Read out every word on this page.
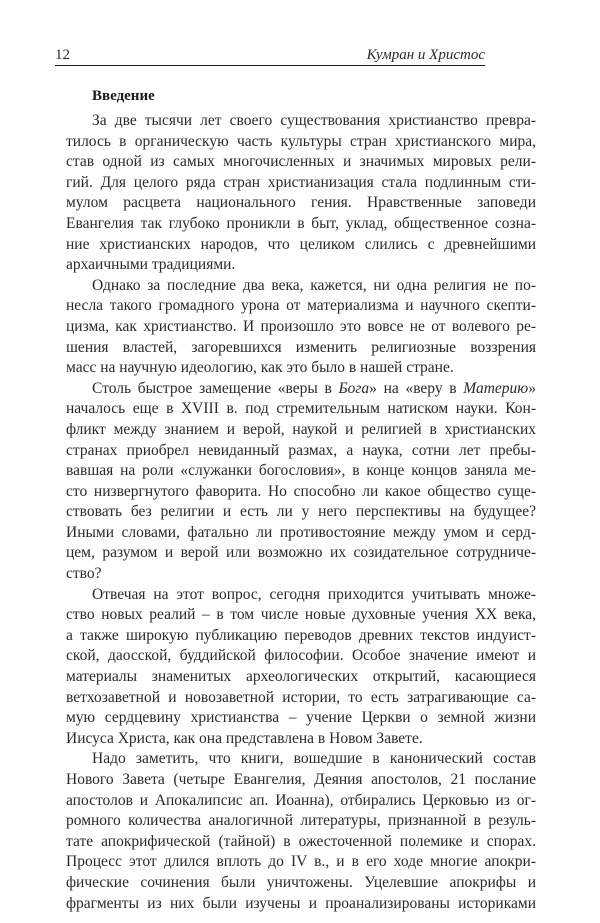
12	Кумран и Христос
Введение

За две тысячи лет своего существования христианство превра-
тилось в органическую часть культуры стран христианского мира,
став одной из самых многочисленных и значимых мировых рели-
гий. Для целого ряда стран христианизация стала подлинным сти-
мулом расцвета национального гения. Нравственные заповеди
Евангелия так глубоко проникли в быт, уклад, общественное созна-
ние христианских народов, что целиком слились с древнейшими
архаичными традициями.

Однако за последние два века, кажется, ни одна религия не по-
несла такого громадного урона от материализма и научного скепти-
цизма, как христианство. И произошло это вовсе не от волевого ре-
шения властей, загоревшихся изменить религиозные воззрения
масс на научную идеологию, как это было в нашей стране.

Столь быстрое замещение «веры в Бога» на «веру в Материю»
началось еще в XVIII в. под стремительным натиском науки. Кон-
фликт между знанием и верой, наукой и религией в христианских
странах приобрел невиданный размах, а наука, сотни лет пребы-
вавшая на роли «служанки богословия», в конце концов заняла ме-
сто низвергнутого фаворита. Но способно ли какое общество суще-
ствовать без религии и есть ли у него перспективы на будущее?
Иными словами, фатально ли противостояние между умом и серд-
цем, разумом и верой или возможно их созидательное сотрудниче-
ство?

Отвечая на этот вопрос, сегодня приходится учитывать множе-
ство новых реалий – в том числе новые духовные учения XX века,
а также широкую публикацию переводов древних текстов индуист-
ской, даосской, буддийской философии. Особое значение имеют и
материалы знаменитых археологических открытий, касающиеся
ветхозаветной и новозаветной истории, то есть затрагивающие са-
мую сердцевину христианства – учение Церкви о земной жизни
Иисуса Христа, как она представлена в Новом Завете.

Надо заметить, что книги, вошедшие в канонический состав
Нового Завета (четыре Евангелия, Деяния апостолов, 21 послание
апостолов и Апокалипсис ап. Иоанна), отбирались Церковью из ог-
ромного количества аналогичной литературы, признанной в резуль-
тате апокрифической (тайной) в ожесточенной полемике и спорах.
Процесс этот длился вплоть до IV в., и в его ходе многие апокри-
фические сочинения были уничтожены. Уцелевшие апокрифы и
фрагменты из них были изучены и проанализированы историками
